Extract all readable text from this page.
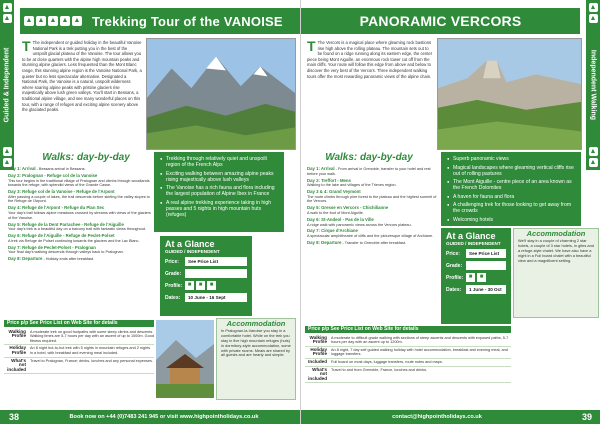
▲
▲
Guided & Independent
▲
▲
▲ ▲ ▲ ▲ ▲ Trekking Tour of the VANOISE
T The independent or guided holiday in the beautiful Vanoise National Park is a trek putting you in the best of the unspoilt glacial plateau of the Vanoise. The tour allows you to be at close quarters with the alpine high mountain peaks and stunning alpine glaciers. Less frequented than the Mont Blanc range, this stunning alpine region is the Vanoise National Park, a quieter but no less spectacular alternative. Designated a National Park, the Vanoise is a natural, unspoilt wilderness where soaring alpine peaks with pristine glaciers rise majestically above lush green valleys. You'll start in Bessans, a traditional alpine village, and see many wonderful places on this tour, with a range of refuges and exciting alpine scenery above the glaciated peaks.
Walks: day-by-day
Day 1: Arrival - Bessans arrival in Bessans.
Day 2: Pralognan - Refuge col de la Vanoise
This tour begins in the traditional village of Pralognan and climbs through woodlands towards the refuge, with splendid views of the Grande Casse.
Day 3: Refuge col de la Vanoise - Refuge de l'Arpont
After passing a couple of lakes, the trail descends before skirting the valley slopes to the Refuge de l'Arpont.
Day 4: Refuge de l'Arpont - Refuge du Plan Sec
Your day's trail follows alpine meadows crossed by streams with views of the glaciers of the Vanoise.
Day 5: Refuge de la Dent Parrachee - Refuge de l'Aiguille
Your day's trek is a beautiful day on a balcony trail with fantastic views throughout.
Day 6: Refuge de l'Aiguille - Refuge de Peclet-Polset
A trek via Refuge de Polset continuing towards the glaciers and the Lac Blanc.
Day 7: Refuge de Peclet-Polset - Pralognan
Your final day's walking descends through valleys back to Pralognan.
Day 8: Departure - Holiday ends after breakfast.
● Trekking through relatively quiet and unspoilt region of the French Alps
● Exciting walking between amazing alpine peaks rising majestically above lush valleys
● The Vanoise has a rich fauna and flora including the largest population of Alpine Ibex in France
● A real alpine trekking experience taking in high passes and 5 nights in high mountain huts (refuges)
At a Glance
GUIDED / INDEPENDENT
Price:	See Price List
Grade:
Profile: ■	■	■
Dates:	10 June - 16 Sept
Accommodation
In Pralognan-la-Vanoise you stay in a comfortable hotel. While on the trek you stay in five high mountain refuges (huts) in dormitory-style accommodation, some with private rooms. Meals are shared by all guests and are hearty and simple.
Price p/p See Price List on Web Site for details
Walking Profile
A moderate trek on good footpaths with some steep climbs and descents. Walking times are 5-7 hours per day with an ascent of up to 1000m. Good fitness required.
Holiday Profile
An 8 night hut-to-hut trek with 5 nights in mountain refuges and 2 nights in a hotel, with breakfast and evening meal included.
What's not included
Travel to Pralognan, France; drinks, lunches and any personal expenses.
38	Book now on +44 (0)7483 241 945 or visit www.highpointholidays.co.uk
▲
▲
Independent Walking
▲
▲
PANORAMIC VERCORS
T The Vercors is a magical place where gleaming rock bastions rise high above the rolling plateau. The mountain sets out to be found on a ridge running along its eastern edge, the center piece being Mont Aiguille, an enormous rock tower cut off from the main cliffs. Your route will follow this edge from above and below to discover the very best of the Vercors. Three independent walking tours offer the most rewarding panoramic views of the alpine chain.
Walks: day-by-day
Day 1: Arrival - From arrival in Grenoble, transfer to your hotel and rest before your walk.
Day 2: Treffort - Mens
Walking to the lake and villages of the Trieves region.
Day 3 & 4: Grand Veymont
The route climbs through pine forest to the plateau and the highest summit of the Vercors.
Day 5: Gresse en Vercors - Chichilianne
A walk to the foot of Mont Aiguille.
Day 6: St-Andeol - Pas de la Ville
A ridge walk with panoramic views across the Vercors plateau.
Day 7: Cirque d'Archiane
A spectacular amphitheatre of cliffs and the picturesque village of Archiane.
Day 8: Departure - Transfer to Grenoble after breakfast.
● Superb panoramic views
● Magical landscapes where gleaming vertical cliffs rise out of rolling pastures
● The Mont Aiguille - centre piece of an area known as the French Dolomites
● A haven for fauna and flora
● A challenging trek for those looking to get away from the crowds
● Welcoming hotels
At a Glance
GUIDED / INDEPENDENT
Price:	See Price List
Grade:
Profile: ■	■
Dates:	1 June - 30 Oct
Accommodation
We'll stay in a couple of charming 2 star hotels, a couple of 3 star hotels, in gites and a refuge-style chalet. We have also have a night in a Full board chalet with a beautiful view and a magnificent setting.
Price p/p See Price List on Web Site for details
Walking Profile
A moderate to difficult grade walking with sections of steep ascents and descents with exposed paths, 5-7 hours per day with an ascent up to 1200m.
Holiday Profile
An 8 night, 7 day self guided walking holiday with hotel accommodation, breakfast and evening meal, and luggage transfers.
Included	Full board on most days, luggage transfers, route notes and maps.
What's not included
Travel to and from Grenoble, France, lunches and drinks.
contact@highpointholidays.co.uk	39
